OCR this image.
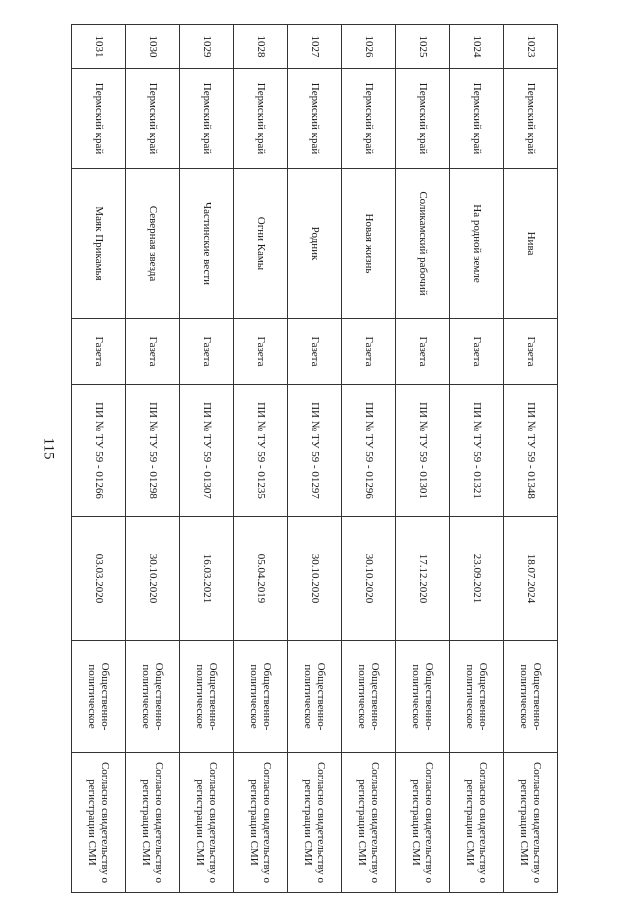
115
1023	Пермский край	Нива	Газета	ПИ № ТУ 59 - 01348	18.07.2024	Общественно-политическое	Согласно свидетельству о регистрации СМИ
1024	Пермский край	На родной земле	Газета	ПИ № ТУ 59 - 01321	23.09.2021	Общественно-политическое	Согласно свидетельству о регистрации СМИ
1025	Пермский край	Соликамский рабочий	Газета	ПИ № ТУ 59 - 01301	17.12.2020	Общественно-политическое	Согласно свидетельству о регистрации СМИ
1026	Пермский край	Новая жизнь	Газета	ПИ № ТУ 59 - 01296	30.10.2020	Общественно-политическое	Согласно свидетельству о регистрации СМИ
1027	Пермский край	Родник	Газета	ПИ № ТУ 59 - 01297	30.10.2020	Общественно-политическое	Согласно свидетельству о регистрации СМИ
1028	Пермский край	Огни Камы	Газета	ПИ № ТУ 59 - 01235	05.04.2019	Общественно-политическое	Согласно свидетельству о регистрации СМИ
1029	Пермский край	Частинские вести	Газета	ПИ № ТУ 59 - 01307	16.03.2021	Общественно-политическое	Согласно свидетельству о регистрации СМИ
1030	Пермский край	Северная звезда	Газета	ПИ № ТУ 59 - 01298	30.10.2020	Общественно-политическое	Согласно свидетельству о регистрации СМИ
1031	Пермский край	Маяк Прикамья	Газета	ПИ № ТУ 59 - 01266	03.03.2020	Общественно-политическое	Согласно свидетельству о регистрации СМИ
